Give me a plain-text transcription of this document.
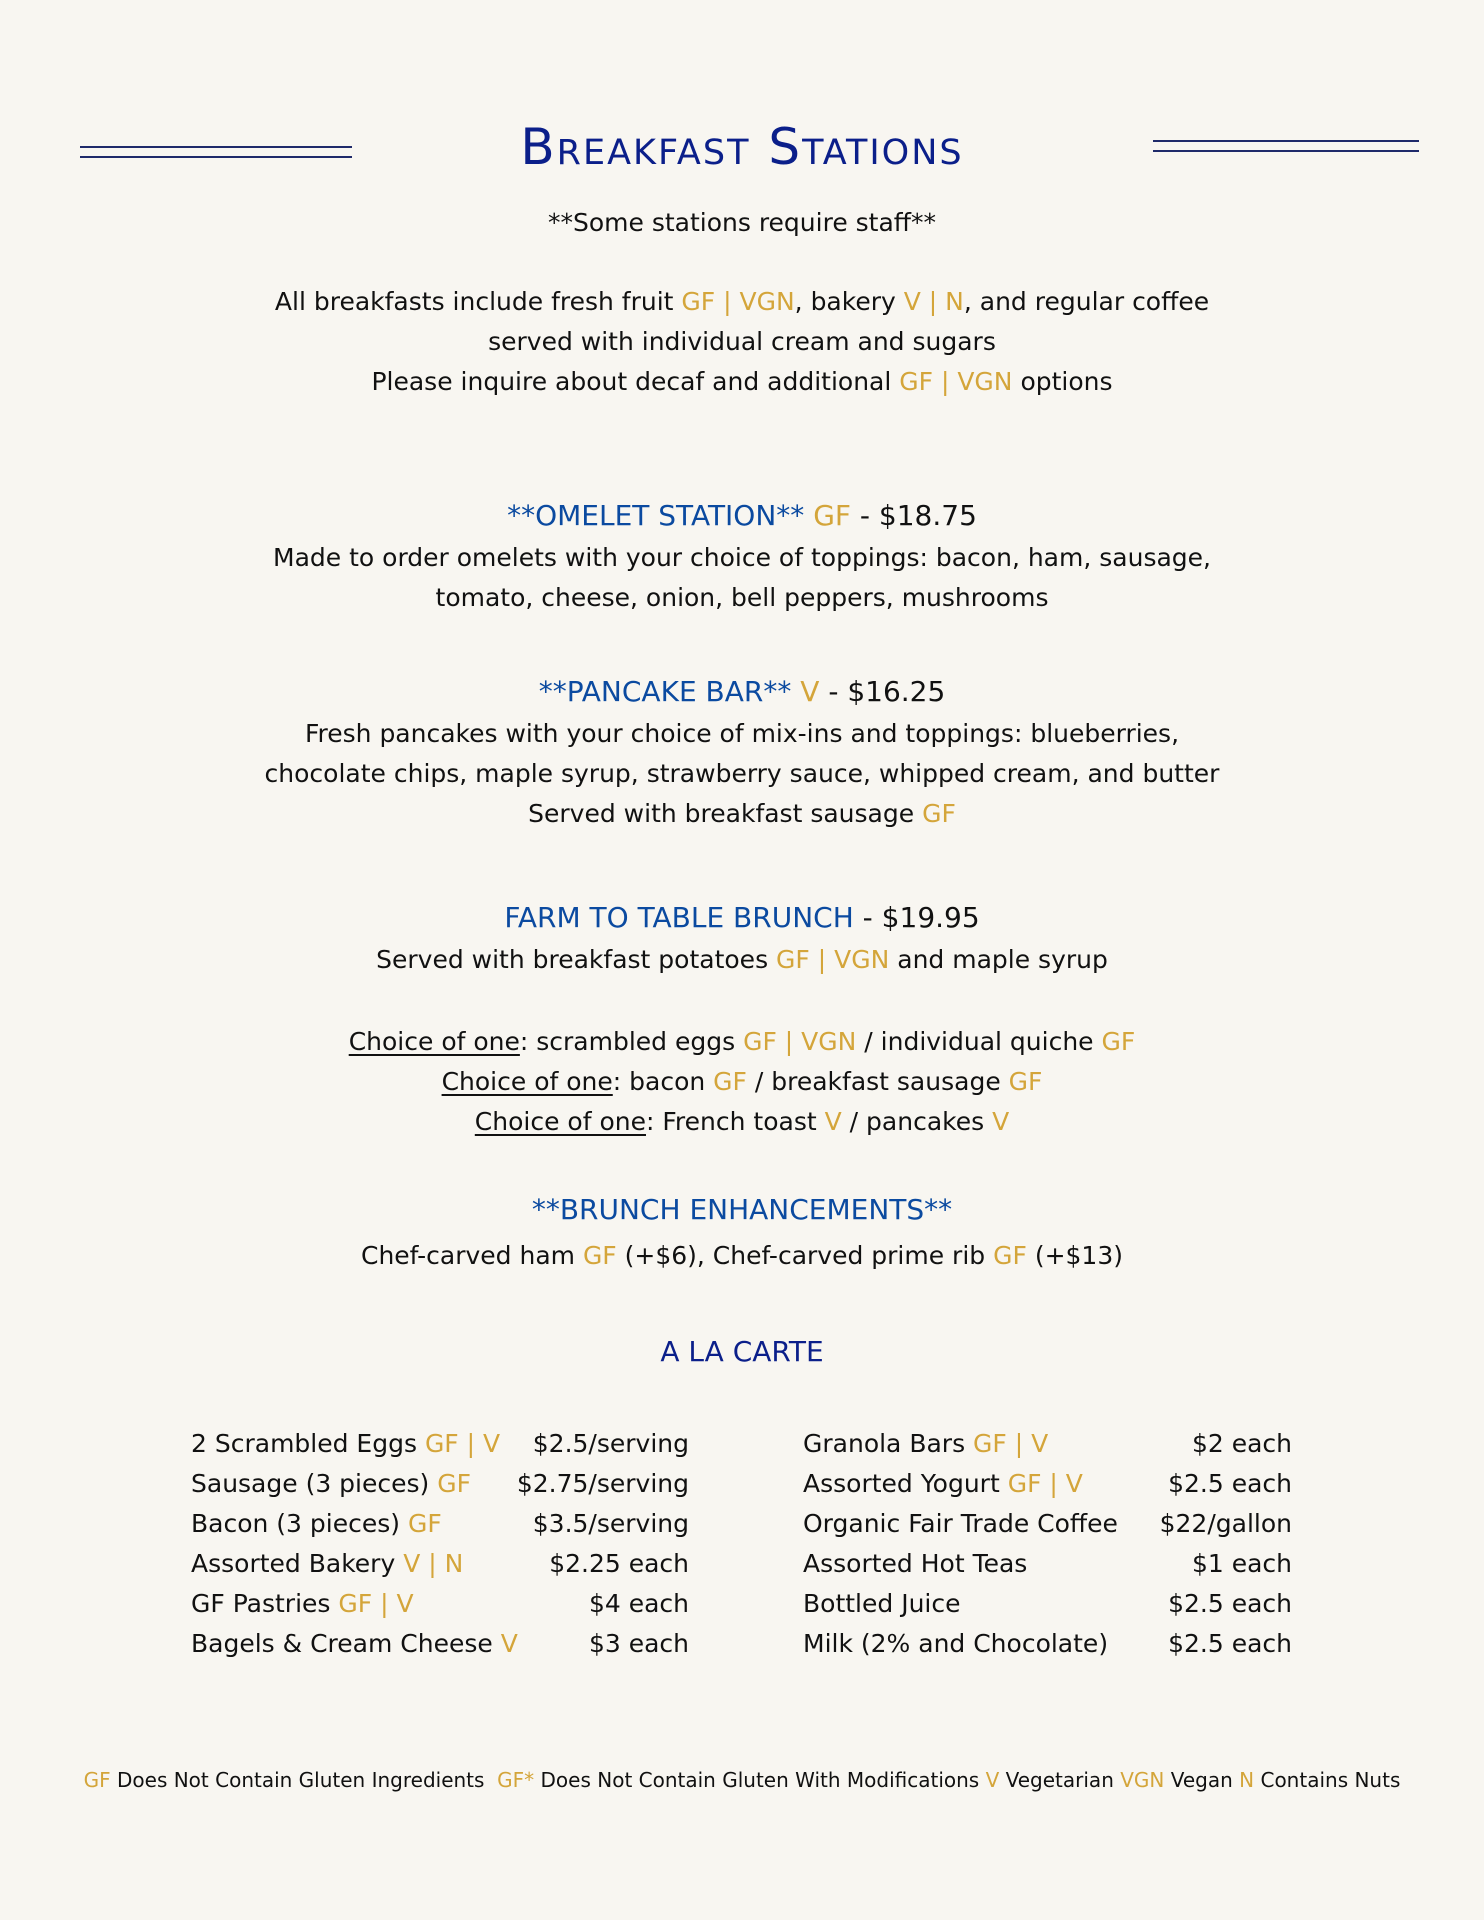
Breakfast Stations
**Some stations require staff**
All breakfasts include fresh fruit GF | VGN, bakery V | N, and regular coffee
served with individual cream and sugars
Please inquire about decaf and additional GF | VGN options
**OMELET STATION** GF - $18.75
Made to order omelets with your choice of toppings: bacon, ham, sausage,
tomato, cheese, onion, bell peppers, mushrooms
**PANCAKE BAR** V - $16.25
Fresh pancakes with your choice of mix-ins and toppings: blueberries,
chocolate chips, maple syrup, strawberry sauce, whipped cream, and butter
Served with breakfast sausage GF
FARM TO TABLE BRUNCH - $19.95
Served with breakfast potatoes GF | VGN and maple syrup
Choice of one: scrambled eggs GF | VGN / individual quiche GF
Choice of one: bacon GF / breakfast sausage GF
Choice of one: French toast V / pancakes V
**BRUNCH ENHANCEMENTS**
Chef-carved ham GF (+$6), Chef-carved prime rib GF (+$13)
A LA CARTE
2 Scrambled Eggs GF | V $2.5/serving
Sausage (3 pieces) GF $2.75/serving
Bacon (3 pieces) GF	$3.5/serving
Assorted Bakery V | N	$2.25 each
GF Pastries GF | V	$4 each
Bagels & Cream Cheese V	$3 each
Granola Bars GF | V	$2 each
Assorted Yogurt GF | V	$2.5 each
Organic Fair Trade Coffee $22/gallon
Assorted Hot Teas	$1 each
Bottled Juice	$2.5 each
Milk (2% and Chocolate) $2.5 each
GF Does Not Contain Gluten Ingredients  GF* Does Not Contain Gluten With Modifications V Vegetarian VGN Vegan N Contains Nuts
